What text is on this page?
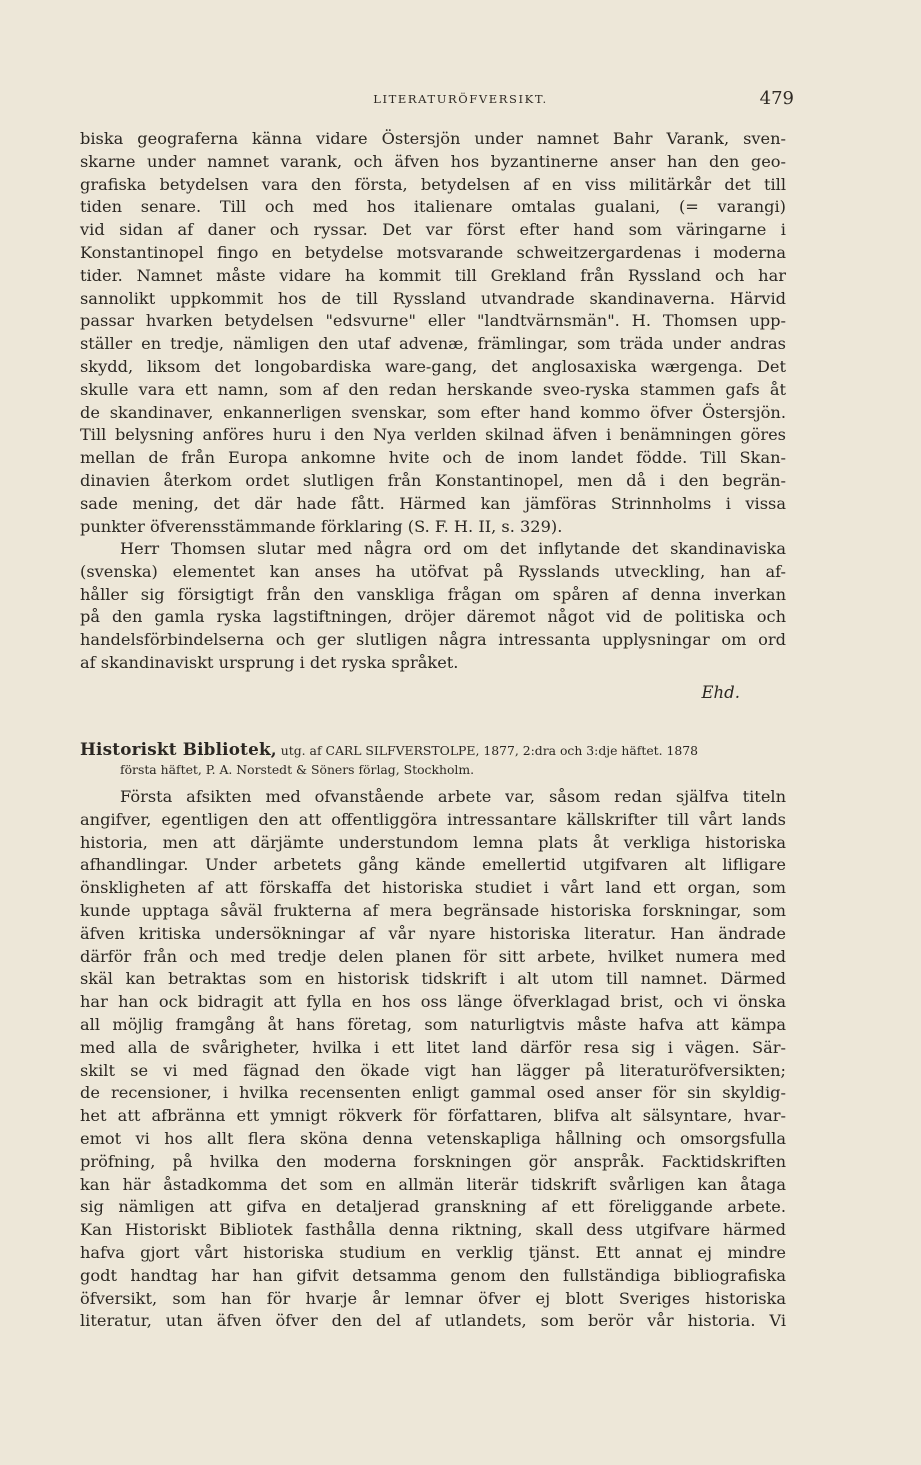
LITERATURÖFVERSIKT.	479
biska geograferna känna vidare Östersjön under namnet Bahr Varank, sven-
skarne under namnet varank, och äfven hos byzantinerne anser han den geo-
grafiska betydelsen vara den första, betydelsen af en viss militärkår det till
tiden senare. Till och med hos italienare omtalas gualani, (= varangi)
vid sidan af daner och ryssar. Det var först efter hand som väringarne i
Konstantinopel fingo en betydelse motsvarande schweitzergardenas i moderna
tider. Namnet måste vidare ha kommit till Grekland från Ryssland och har
sannolikt uppkommit hos de till Ryssland utvandrade skandinaverna. Härvid
passar hvarken betydelsen "edsvurne" eller "landtvärnsmän". H. Thomsen upp-
ställer en tredje, nämligen den utaf advenæ, främlingar, som träda under andras
skydd, liksom det longobardiska ware-gang, det anglosaxiska wærgenga. Det
skulle vara ett namn, som af den redan herskande sveo-ryska stammen gafs åt
de skandinaver, enkannerligen svenskar, som efter hand kommo öfver Östersjön.
Till belysning anföres huru i den Nya verlden skilnad äfven i benämningen göres
mellan de från Europa ankomne hvite och de inom landet födde. Till Skan-
dinavien återkom ordet slutligen från Konstantinopel, men då i den begrän-
sade mening, det där hade fått. Härmed kan jämföras Strinnholms i vissa
punkter öfverensstämmande förklaring (S. F. H. II, s. 329).
Herr Thomsen slutar med några ord om det inflytande det skandinaviska
(svenska) elementet kan anses ha utöfvat på Rysslands utveckling, han af-
håller sig försigtigt från den vanskliga frågan om spåren af denna inverkan
på den gamla ryska lagstiftningen, dröjer däremot något vid de politiska och
handelsförbindelserna och ger slutligen några intressanta upplysningar om ord
af skandinaviskt ursprung i det ryska språket.
Ehd.
Historiskt Bibliotek, utg. af CARL SILFVERSTOLPE, 1877, 2:dra och 3:dje häftet. 1878
första häftet, P. A. Norstedt & Söners förlag, Stockholm.
Första afsikten med ofvanstående arbete var, såsom redan själfva titeln
angifver, egentligen den att offentliggöra intressantare källskrifter till vårt lands
historia, men att därjämte understundom lemna plats åt verkliga historiska
afhandlingar. Under arbetets gång kände emellertid utgifvaren alt lifligare
önskligheten af att förskaffa det historiska studiet i vårt land ett organ, som
kunde upptaga såväl frukterna af mera begränsade historiska forskningar, som
äfven kritiska undersökningar af vår nyare historiska literatur. Han ändrade
därför från och med tredje delen planen för sitt arbete, hvilket numera med
skäl kan betraktas som en historisk tidskrift i alt utom till namnet. Därmed
har han ock bidragit att fylla en hos oss länge öfverklagad brist, och vi önska
all möjlig framgång åt hans företag, som naturligtvis måste hafva att kämpa
med alla de svårigheter, hvilka i ett litet land därför resa sig i vägen. Sär-
skilt se vi med fägnad den ökade vigt han lägger på literaturöfversikten;
de recensioner, i hvilka recensenten enligt gammal osed anser för sin skyldig-
het att afbränna ett ymnigt rökverk för författaren, blifva alt sälsyntare, hvar-
emot vi hos allt flera sköna denna vetenskapliga hållning och omsorgsfulla
pröfning, på hvilka den moderna forskningen gör anspråk. Facktidskriften
kan här åstadkomma det som en allmän literär tidskrift svårligen kan åtaga
sig nämligen att gifva en detaljerad granskning af ett föreliggande arbete.
Kan Historiskt Bibliotek fasthålla denna riktning, skall dess utgifvare härmed
hafva gjort vårt historiska studium en verklig tjänst. Ett annat ej mindre
godt handtag har han gifvit detsamma genom den fullständiga bibliografiska
öfversikt, som han för hvarje år lemnar öfver ej blott Sveriges historiska
literatur, utan äfven öfver den del af utlandets, som berör vår historia. Vi
